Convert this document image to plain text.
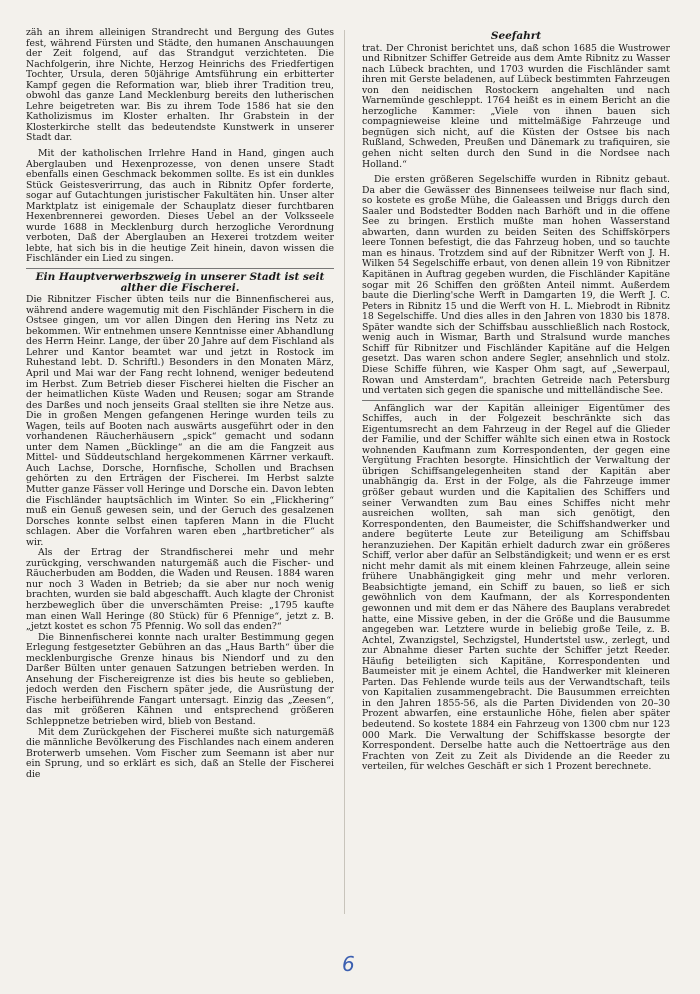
zäh an ihrem alleinigen Strandrecht und Bergung des Gutes fest, während Fürsten und Städte, den humanen Anschauungen der Zeit folgend, auf das Strandgut verzichteten. Die Nachfolgerin, ihre Nichte, Herzog Heinrichs des Friedfertigen Tochter, Ursula, deren 50jährige Amtsführung ein erbitterter Kampf gegen die Reformation war, blieb ihrer Tradition treu, obwohl das ganze Land Mecklenburg bereits den lutherischen Lehre beigetreten war. Bis zu ihrem Tode 1586 hat sie den Katholizismus im Kloster erhalten. Ihr Grabstein in der Klosterkirche stellt das bedeutendste Kunstwerk in unserer Stadt dar.

Mit der katholischen Irrlehre Hand in Hand, gingen auch Aberglauben und Hexenprozesse, von denen unsere Stadt ebenfalls einen Geschmack bekommen sollte. Es ist ein dunkles Stück Geistesverirrung, das auch in Ribnitz Opfer forderte, sogar auf Gutachtungen juristischer Fakultäten hin. Unser alter Marktplatz ist einigemale der Schauplatz dieser furchtbaren Hexenbrennerei geworden. Dieses Uebel an der Volksseele wurde 1688 in Mecklenburg durch herzogliche Verordnung verboten, Daß der Aberglauben an Hexerei trotzdem weiter lebte, hat sich bis in die heutige Zeit hinein, davon wissen die Fischländer ein Lied zu singen.

Ein Hauptverwerbszweig in unserer Stadt ist seit alther die Fischerei.

Die Ribnitzer Fischer übten teils nur die Binnenfischerei aus, während andere wagemutig mit den Fischländer Fischern in die Ostsee gingen, um vor allen Dingen den Hering ins Netz zu bekommen. Wir entnehmen unsere Kenntnisse einer Abhandlung des Herrn Heinr. Lange, der über 20 Jahre auf dem Fischland als Lehrer und Kantor beamtet war und jetzt in Rostock im Ruhestand lebt. D. Schriftl.) Besonders in den Monaten März, April und Mai war der Fang recht lohnend, weniger bedeutend im Herbst. Zum Betrieb dieser Fischerei hielten die Fischer an der heimatlichen Küste Waden und Reusen; sogar am Strande des Darßes und noch jenseits Graal stellten sie ihre Netze aus. Die in großen Mengen gefangenen Heringe wurden teils zu Wagen, teils auf Booten nach auswärts ausgeführt oder in den vorhandenen Räucherhäusern „spick“ gemacht und sodann unter dem Namen „Bücklinge“ an die am die Fangzeit aus Mittel- und Süddeutschland hergekommenen Kärrner verkauft. Auch Lachse, Dorsche, Hornfische, Schollen und Brachsen gehörten zu den Erträgen der Fischerei. Im Herbst salzte Mutter ganze Fässer voll Heringe und Dorsche ein. Davon lebten die Fischländer hauptsächlich im Winter. So ein „Flickhering“ muß ein Genuß gewesen sein, und der Geruch des gesalzenen Dorsches konnte selbst einen tapferen Mann in die Flucht schlagen. Aber die Vorfahren waren eben „hartbreticher“ als wir.

Als der Ertrag der Strandfischerei mehr und mehr zurückging, verschwanden naturgemäß auch die Fischer- und Räucherbuden am Bodden, die Waden und Reusen. 1884 waren nur noch 3 Waden in Betrieb; da sie aber nur noch wenig brachten, wurden sie bald abgeschafft. Auch klagte der Chronist herzbeweglich über die unverschämten Preise: „1795 kaufte man einen Wall Heringe (80 Stück) für 6 Pfennige“, jetzt z. B. „jetzt kostet es schon 75 Pfennig. Wo soll das enden?“

Die Binnenfischerei konnte nach uralter Bestimmung gegen Erlegung festgesetzter Gebühren an das „Haus Barth“ über die mecklenburgische Grenze hinaus bis Niendorf und zu den Darßer Bülten unter genauen Satzungen betrieben werden. In Ansehung der Fischereigrenze ist dies bis heute so geblieben, jedoch werden den Fischern später jede, die Ausrüstung der Fische herbeiführende Fangart untersagt. Einzig das „Zeesen“, das mit größeren Kähnen und entsprechend größeren Schleppnetze betrieben wird, blieb von Bestand.

Mit dem Zurückgehen der Fischerei mußte sich naturgemäß die männliche Bevölkerung des Fischlandes nach einem anderen Broterwerb umsehen. Vom Fischer zum Seemann ist aber nur ein Sprung, und so erklärt es sich, daß an Stelle der Fischerei die

Seefahrt

trat. Der Chronist berichtet uns, daß schon 1685 die Wustrower und Ribnitzer Schiffer Getreide aus dem Amte Ribnitz zu Wasser nach Lübeck brachten, und 1703 wurden die Fischländer samt ihren mit Gerste beladenen, auf Lübeck bestimmten Fahrzeugen von den neidischen Rostockern angehalten und nach Warnemünde geschleppt. 1764 heißt es in einem Bericht an die herzogliche Kammer: „Viele von ihnen bauen sich compagnieweise kleine und mittelmäßige Fahrzeuge und begnügen sich nicht, auf die Küsten der Ostsee bis nach Rußland, Schweden, Preußen und Dänemark zu trafiquiren, sie gehen nicht selten durch den Sund in die Nordsee nach Holland.“

Die ersten größeren Segelschiffe wurden in Ribnitz gebaut. Da aber die Gewässer des Binnensees teilweise nur flach sind, so kostete es große Mühe, die Galeassen und Briggs durch den Saaler und Bodstedter Bodden nach Barhöft und in die offene See zu bringen. Erstlich mußte man hohen Wasserstand abwarten, dann wurden zu beiden Seiten des Schiffskörpers leere Tonnen befestigt, die das Fahrzeug hoben, und so tauchte man es hinaus. Trotzdem sind auf der Ribnitzer Werft von J. H. Wilken 54 Segelschiffe erbaut, von denen allein 19 von Ribnitzer Kapitänen in Auftrag gegeben wurden, die Fischländer Kapitäne sogar mit 26 Schiffen den größten Anteil nimmt. Außerdem baute die Dierling'sche Werft in Damgarten 19, die Werft J. C. Peters in Ribnitz 15 und die Werft von H. L. Miebrodt in Ribnitz 18 Segelschiffe. Und dies alles in den Jahren von 1830 bis 1878. Später wandte sich der Schiffsbau ausschließlich nach Rostock, wenig auch in Wismar, Barth und Stralsund wurde manches Schiff für Ribnitzer und Fischländer Kapitäne auf die Helgen gesetzt. Das waren schon andere Segler, ansehnlich und stolz. Diese Schiffe führen, wie Kasper Ohm sagt, auf „Sewerpaul, Rowan und Amsterdam“, brachten Getreide nach Petersburg und vertaten sich gegen die spanische und mittelländische See.

Anfänglich war der Kapitän alleiniger Eigentümer des Schiffes, auch in der Folgezeit beschränkte sich das Eigentumsrecht an dem Fahrzeug in der Regel auf die Glieder der Familie, und der Schiffer wählte sich einen etwa in Rostock wohnenden Kaufmann zum Korrespondenten, der gegen eine Vergütung Frachten besorgte. Hinsichtlich der Verwaltung der übrigen Schiffsangelegenheiten stand der Kapitän aber unabhängig da. Erst in der Folge, als die Fahrzeuge immer größer gebaut wurden und die Kapitalien des Schiffers und seiner Verwandten zum Bau eines Schiffes nicht mehr ausreichen wollten, sah man sich genötigt, den Korrespondenten, den Baumeister, die Schiffshandwerker und andere begüterte Leute zur Beteiligung am Schiffsbau heranzuziehen. Der Kapitän erhielt dadurch zwar ein größeres Schiff, verlor aber dafür an Selbständigkeit; und wenn er es erst nicht mehr damit als mit einem kleinen Fahrzeuge, allein seine frühere Unabhängigkeit ging mehr und mehr verloren. Beabsichtigte jemand, ein Schiff zu bauen, so ließ er sich gewöhnlich von dem Kaufmann, der als Korrespondenten gewonnen und mit dem er das Nähere des Bauplans verabredet hatte, eine Missive geben, in der die Größe und die Bausumme angegeben war. Letztere wurde in beliebig große Teile, z. B. Achtel, Zwanzigstel, Sechzigstel, Hundertstel usw., zerlegt, und zur Abnahme dieser Parten suchte der Schiffer jetzt Reeder. Häufig beteiligten sich Kapitäne, Korrespondenten und Baumeister mit je einem Achtel, die Handwerker mit kleineren Parten. Das Fehlende wurde teils aus der Verwandtschaft, teils von Kapitalien zusammengebracht. Die Bausummen erreichten in den Jahren 1855-56, als die Parten Dividenden von 20–30 Prozent abwarfen, eine erstaunliche Höhe, fielen aber später bedeutend. So kostete 1884 ein Fahrzeug von 1300 cbm nur 123 000 Mark. Die Verwaltung der Schiffskasse besorgte der Korrespondent. Derselbe hatte auch die Nettoerträge aus den Frachten von Zeit zu Zeit als Dividende an die Reeder zu verteilen, für welches Geschäft er sich 1 Prozent berechnete.

6
